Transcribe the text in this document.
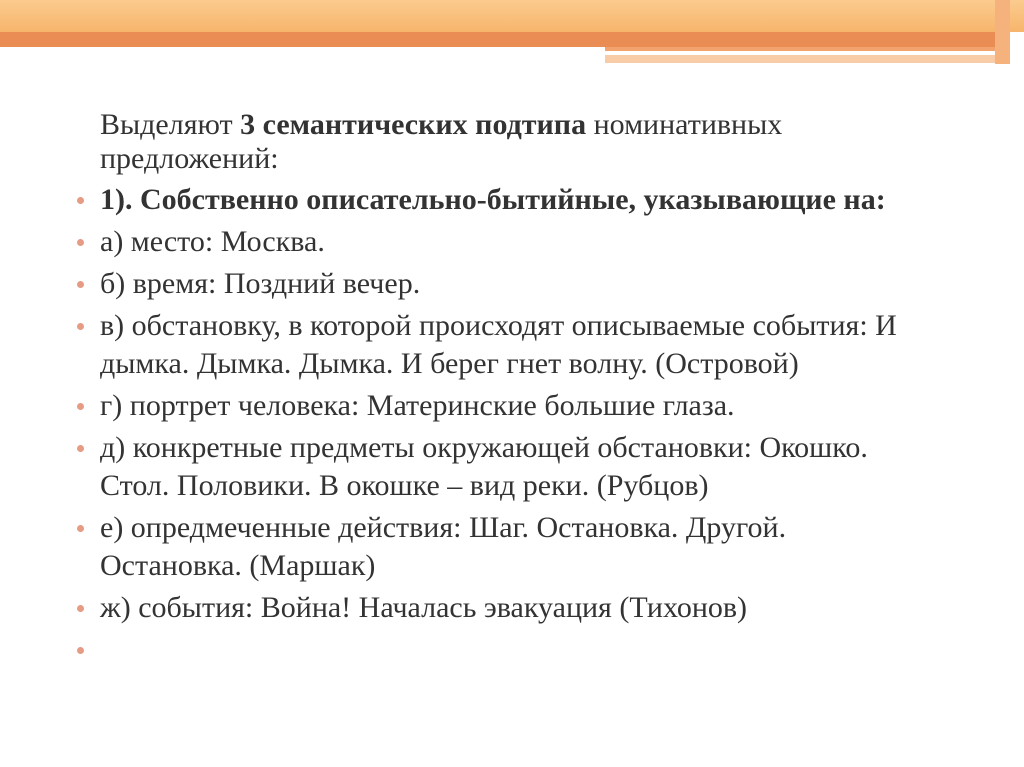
Выделяют 3 семантических подтипа номинативных
предложений:
1). Собственно описательно-бытийные, указывающие на:
а) место: Москва.
б) время: Поздний вечер.
в) обстановку, в которой происходят описываемые события: И
дымка. Дымка. Дымка. И берег гнет волну. (Островой)
г) портрет человека: Материнские большие глаза.
д) конкретные предметы окружающей обстановки: Окошко.
Стол. Половики. В окошке – вид реки. (Рубцов)
е) опредмеченные действия: Шаг. Остановка. Другой.
Остановка. (Маршак)
ж) события: Война! Началась эвакуация (Тихонов)
